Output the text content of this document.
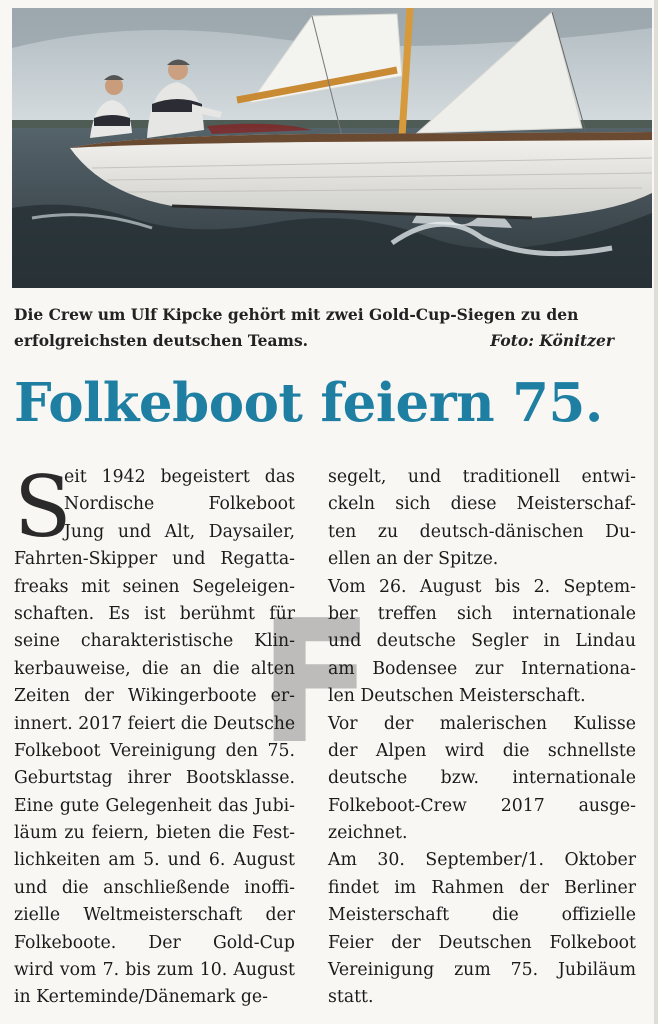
Die Crew um Ulf Kipcke gehört mit zwei Gold-Cup-Siegen zu den
erfolgreichsten deutschen Teams.	Foto: Könitzer
Folkeboot feiern 75.
F
S
eit 1942 begeistert das
Nordische Folkeboot
Jung und Alt, Daysailer,
Fahrten-Skipper und Regatta-
freaks mit seinen Segeleigen-
schaften. Es ist berühmt für
seine charakteristische Klin-
kerbauweise, die an die alten
Zeiten der Wikingerboote er-
innert. 2017 feiert die Deutsche
Folkeboot Vereinigung den 75.
Geburtstag ihrer Bootsklasse.
Eine gute Gelegenheit das Jubi-
läum zu feiern, bieten die Fest-
lichkeiten am 5. und 6. August
und die anschließende inoffi-
zielle Weltmeisterschaft der
Folkeboote. Der Gold-Cup
wird vom 7. bis zum 10. August
in Kerteminde/Dänemark ge-
segelt, und traditionell entwi-
ckeln sich diese Meisterschaf-
ten zu deutsch-dänischen Du-
ellen an der Spitze.
Vom 26. August bis 2. Septem-
ber treffen sich internationale
und deutsche Segler in Lindau
am Bodensee zur Internationa-
len Deutschen Meisterschaft.
Vor der malerischen Kulisse
der Alpen wird die schnellste
deutsche bzw. internationale
Folkeboot-Crew 2017 ausge-
zeichnet.
Am 30. September/1. Oktober
findet im Rahmen der Berliner
Meisterschaft die offizielle
Feier der Deutschen Folkeboot
Vereinigung zum 75. Jubiläum
statt.
